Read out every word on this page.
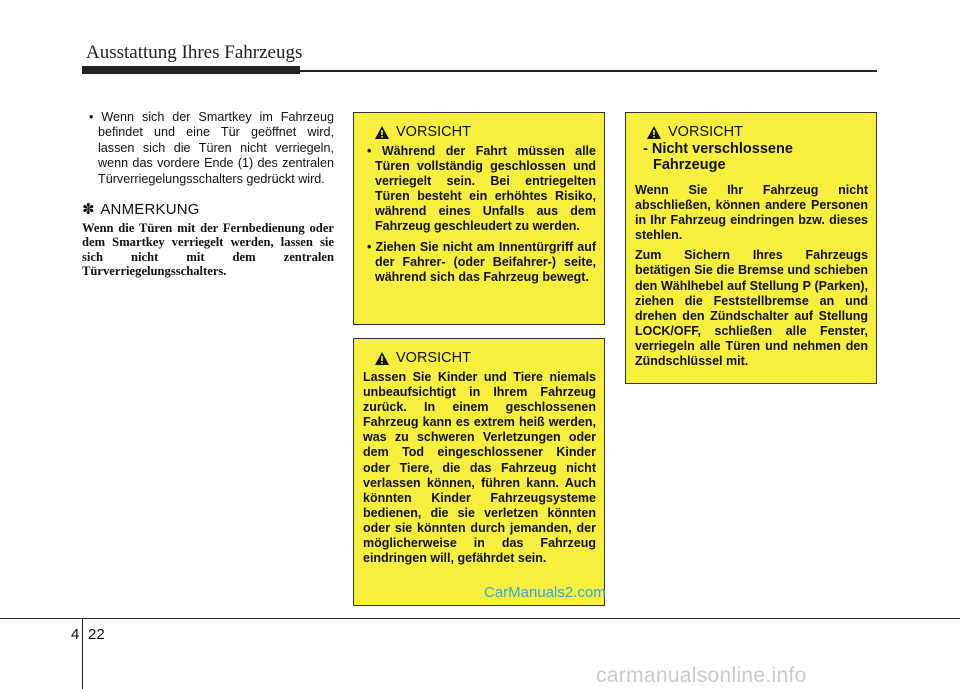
Ausstattung Ihres Fahrzeugs

• Wenn sich der Smartkey im Fahrzeug befindet und eine Tür geöffnet wird, lassen sich die Türen nicht verriegeln, wenn das vordere Ende (1) des zentralen Türverriegelungsschalters gedrückt wird.

✽ ANMERKUNG
Wenn die Türen mit der Fernbedienung oder dem Smartkey verriegelt werden, lassen sie sich nicht mit dem zentralen Türverriegelungsschalters.
VORSICHT
• Während der Fahrt müssen alle Türen vollständig geschlossen und verriegelt sein. Bei entriegelten Türen besteht ein erhöhtes Risiko, während eines Unfalls aus dem Fahrzeug geschleudert zu werden.
• Ziehen Sie nicht am Innentürgriff auf der Fahrer- (oder Beifahrer-) seite, während sich das Fahrzeug bewegt.
VORSICHT

Lassen Sie Kinder und Tiere niemals unbeaufsichtigt in Ihrem Fahrzeug zurück. In einem geschlossenen Fahrzeug kann es extrem heiß werden, was zu schweren Verletzungen oder dem Tod eingeschlossener Kinder oder Tiere, die das Fahrzeug nicht verlassen können, führen kann. Auch könnten Kinder Fahrzeugsysteme bedienen, die sie verletzen könnten oder sie könnten durch jemanden, der möglicherweise in das Fahrzeug eindringen will, gefährdet sein.

VORSICHT
- Nicht verschlossene
Fahrzeuge

Wenn Sie Ihr Fahrzeug nicht abschließen, können andere Personen in Ihr Fahrzeug eindringen bzw. dieses stehlen.

Zum Sichern Ihres Fahrzeugs betätigen Sie die Bremse und schieben den Wählhebel auf Stellung P (Parken), ziehen die Feststellbremse an und drehen den Zündschalter auf Stellung LOCK/OFF, schließen alle Fenster, verriegeln alle Türen und nehmen den Zündschlüssel mit.

CarManuals2.com
4 22
carmanualsonline.info
